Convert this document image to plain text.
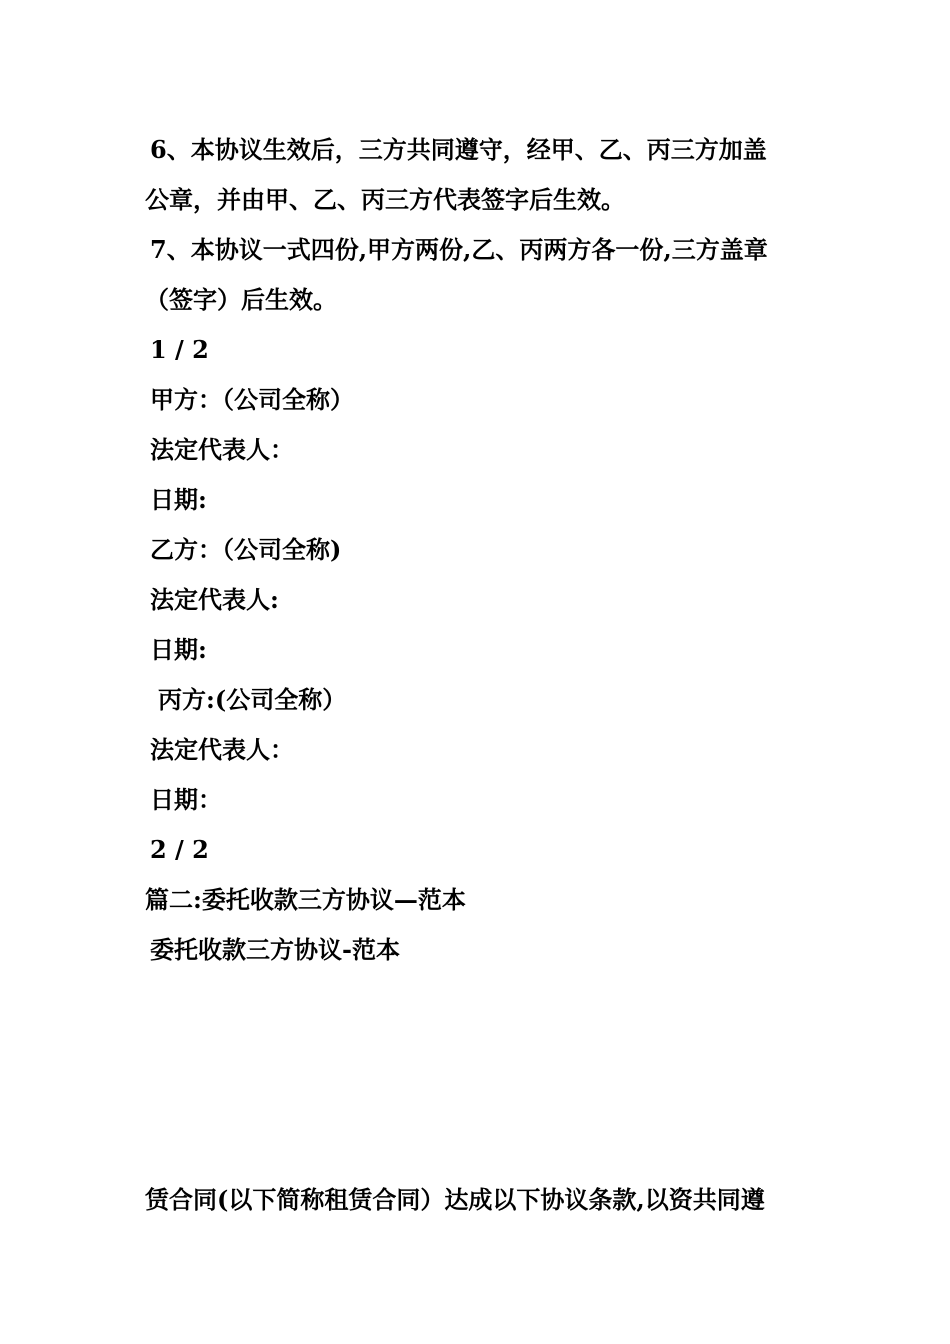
6、本协议生效后，三方共同遵守，经甲、乙、丙三方加盖
公章，并由甲、乙、丙三方代表签字后生效。
7、本协议一式四份,甲方两份,乙、丙两方各一份,三方盖章
（签字）后生效。
1 / 2
甲方：（公司全称）
法定代表人：
日期:
乙方：（公司全称)
法定代表人:
日期:
丙方:(公司全称）
法定代表人：
日期：
2 / 2
篇二:委托收款三方协议—范本
委托收款三方协议-范本

赁合同(以下简称租赁合同）达成以下协议条款,以资共同遵
